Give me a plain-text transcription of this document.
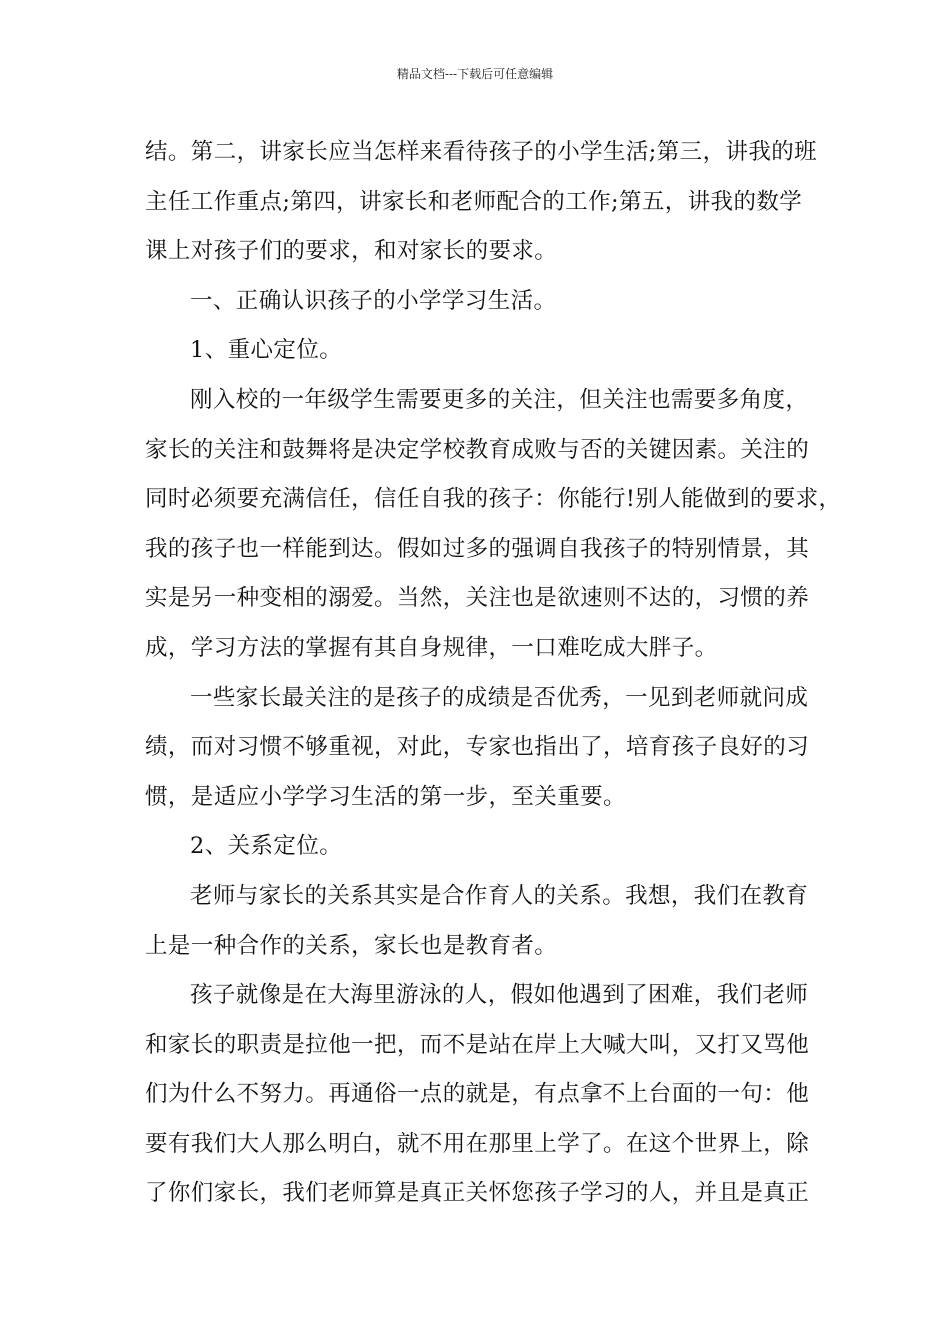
精品文档---下载后可任意编辑
结。第二，讲家长应当怎样来看待孩子的小学生活;第三，讲我的班
主任工作重点;第四，讲家长和老师配合的工作;第五，讲我的数学
课上对孩子们的要求，和对家长的要求。
一、正确认识孩子的小学学习生活。
1、重心定位。
刚入校的一年级学生需要更多的关注，但关注也需要多角度，
家长的关注和鼓舞将是决定学校教育成败与否的关键因素。关注的
同时必须要充满信任，信任自我的孩子：你能行!别人能做到的要求，
我的孩子也一样能到达。假如过多的强调自我孩子的特别情景，其
实是另一种变相的溺爱。当然，关注也是欲速则不达的，习惯的养
成，学习方法的掌握有其自身规律，一口难吃成大胖子。
一些家长最关注的是孩子的成绩是否优秀，一见到老师就问成
绩，而对习惯不够重视，对此，专家也指出了，培育孩子良好的习
惯，是适应小学学习生活的第一步，至关重要。
2、关系定位。
老师与家长的关系其实是合作育人的关系。我想，我们在教育
上是一种合作的关系，家长也是教育者。
孩子就像是在大海里游泳的人，假如他遇到了困难，我们老师
和家长的职责是拉他一把，而不是站在岸上大喊大叫，又打又骂他
们为什么不努力。再通俗一点的就是，有点拿不上台面的一句：他
要有我们大人那么明白，就不用在那里上学了。在这个世界上，除
了你们家长，我们老师算是真正关怀您孩子学习的人，并且是真正
